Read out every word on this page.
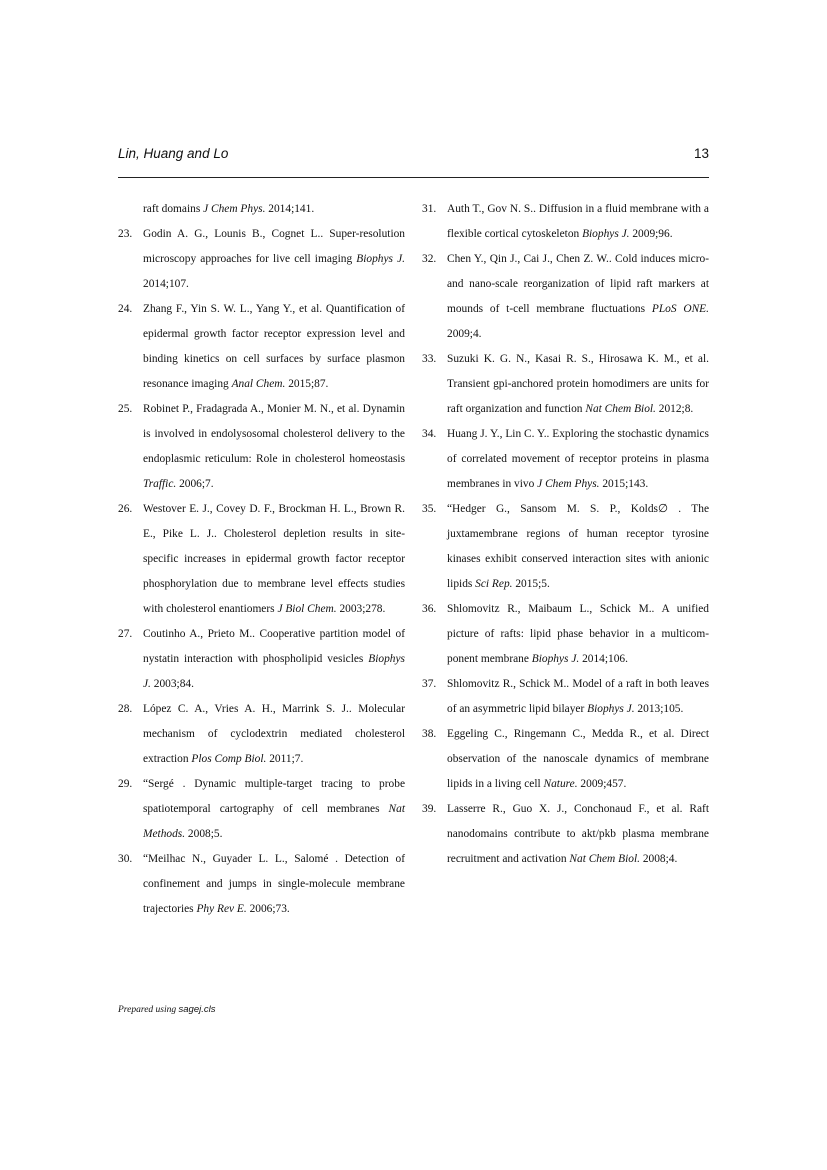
Lin, Huang and Lo	13
raft domains J Chem Phys. 2014;141.
23. Godin A. G., Lounis B., Cognet L.. Super-resolution microscopy approaches for live cell imaging Biophys J. 2014;107.
24. Zhang F., Yin S. W. L., Yang Y., et al. Quantification of epidermal growth factor receptor expression level and binding kinetics on cell surfaces by surface plasmon resonance imaging Anal Chem. 2015;87.
25. Robinet P., Fradagrada A., Monier M. N., et al. Dynamin is involved in endolysosomal cholesterol delivery to the endoplasmic reticulum: Role in cholesterol homeostasis Traffic. 2006;7.
26. Westover E. J., Covey D. F., Brockman H. L., Brown R. E., Pike L. J.. Cholesterol depletion results in site-specific increases in epidermal growth factor receptor phosphorylation due to membrane level effects studies with cholesterol enantiomers J Biol Chem. 2003;278.
27. Coutinho A., Prieto M.. Cooperative partition model of nystatin interaction with phospholipid vesicles Biophys J. 2003;84.
28. López C. A., Vries A. H., Marrink S. J.. Molecular mechanism of cyclodextrin mediated cholesterol extraction Plos Comp Biol. 2011;7.
29. “Sergé . Dynamic multiple-target tracing to probe spatiotemporal cartography of cell membranes Nat Methods. 2008;5.
30. “Meilhac N., Guyader L. L., Salomé . Detection of confinement and jumps in single-molecule membrane trajectories Phy Rev E. 2006;73.
31. Auth T., Gov N. S.. Diffusion in a fluid membrane with a flexible cortical cytoskeleton Biophys J. 2009;96.
32. Chen Y., Qin J., Cai J., Chen Z. W.. Cold induces micro- and nano-scale reorganization of lipid raft markers at mounds of t-cell membrane fluctuations PLoS ONE. 2009;4.
33. Suzuki K. G. N., Kasai R. S., Hirosawa K. M., et al. Transient gpi-anchored protein homodimers are units for raft organization and function Nat Chem Biol. 2012;8.
34. Huang J. Y., Lin C. Y.. Exploring the stochastic dynamics of correlated movement of receptor proteins in plasma membranes in vivo J Chem Phys. 2015;143.
35. “Hedger G., Sansom M. S. P., Kolds∅ . The juxtamembrane regions of human receptor tyrosine kinases exhibit conserved interaction sites with anionic lipids Sci Rep. 2015;5.
36. Shlomovitz R., Maibaum L., Schick M.. A unified picture of rafts: lipid phase behavior in a multicom-ponent membrane Biophys J. 2014;106.
37. Shlomovitz R., Schick M.. Model of a raft in both leaves of an asymmetric lipid bilayer Biophys J. 2013;105.
38. Eggeling C., Ringemann C., Medda R., et al. Direct observation of the nanoscale dynamics of membrane lipids in a living cell Nature. 2009;457.
39. Lasserre R., Guo X. J., Conchonaud F., et al. Raft nanodomains contribute to akt/pkb plasma membrane recruitment and activation Nat Chem Biol. 2008;4.
Prepared using sagej.cls
